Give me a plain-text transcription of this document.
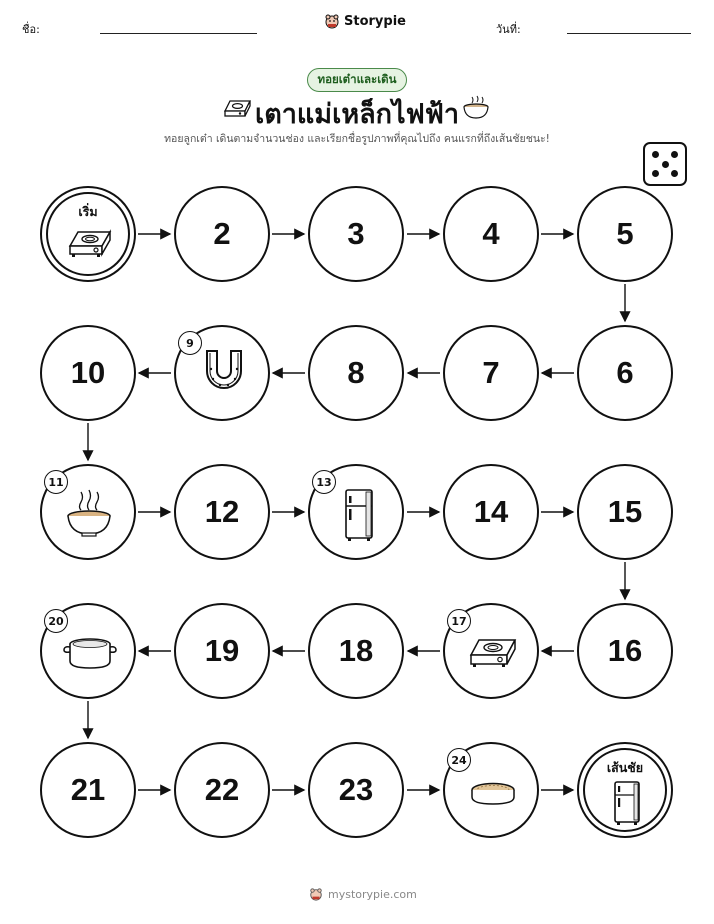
ชื่อ:
Storypie
วันที่:
ทอยเต๋าและเดิน
เตาแม่เหล็กไฟฟ้า
ทอยลูกเต๋า เดินตามจำนวนช่อง และเรียกชื่อรูปภาพที่คุณไปถึง คนแรกที่ถึงเส้นชัยชนะ!
เริ่ม
2	3	4	5
10
9
8	7	6
11
12
13
14	15
20
19	18
17
16
21	22	23
24	เส้นชัย
mystorypie.com
